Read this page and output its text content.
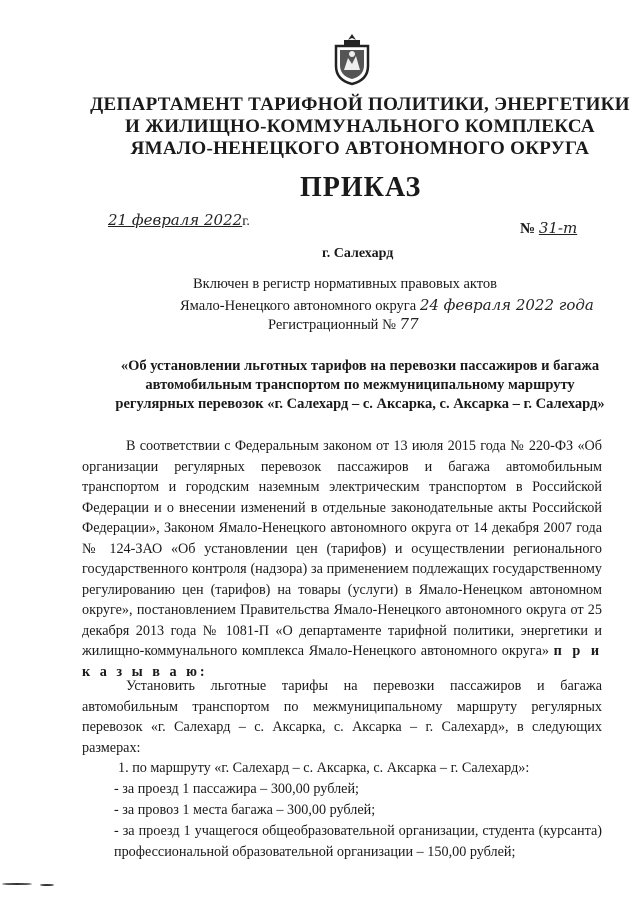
ДЕПАРТАМЕНТ ТАРИФНОЙ ПОЛИТИКИ, ЭНЕРГЕТИКИ
И ЖИЛИЩНО-КОММУНАЛЬНОГО КОМПЛЕКСА
ЯМАЛО-НЕНЕЦКОГО АВТОНОМНОГО ОКРУГА
ПРИКАЗ
21 февраля 2022г.	№ 31-т
г. Салехард
Включен в регистр нормативных правовых актов
Ямало-Ненецкого автономного округа 24 февраля 2022 года
Регистрационный № 77
«Об установлении льготных тарифов на перевозки пассажиров и багажа
автомобильным транспортом по межмуниципальному маршруту
регулярных перевозок «г. Салехард – с. Аксарка, с. Аксарка – г. Салехард»
В соответствии с Федеральным законом от 13 июля 2015 года № 220-ФЗ «Об организации регулярных перевозок пассажиров и багажа автомобильным транспортом и городским наземным электрическим транспортом в Российской Федерации и о внесении изменений в отдельные законодательные акты Российской Федерации», Законом Ямало-Ненецкого автономного округа от 14 декабря 2007 года № 124-ЗАО «Об установлении цен (тарифов) и осуществлении регионального государственного контроля (надзора) за применением подлежащих государственному регулированию цен (тарифов) на товары (услуги) в Ямало-Ненецком автономном округе», постановлением Правительства Ямало-Ненецкого автономного округа от 25 декабря 2013 года № 1081-П «О департаменте тарифной политики, энергетики и жилищно-коммунального комплекса Ямало-Ненецкого автономного округа» п р и к а з ы в а ю:
Установить льготные тарифы на перевозки пассажиров и багажа автомобильным транспортом по межмуниципальному маршруту регулярных перевозок «г. Салехард – с. Аксарка, с. Аксарка – г. Салехард», в следующих размерах:
1. по маршруту «г. Салехард – с. Аксарка, с. Аксарка – г. Салехард»:
- за проезд 1 пассажира – 300,00 рублей;
- за провоз 1 места багажа – 300,00 рублей;
- за проезд 1 учащегося общеобразовательной организации, студента (курсанта) профессиональной образовательной организации – 150,00 рублей;
